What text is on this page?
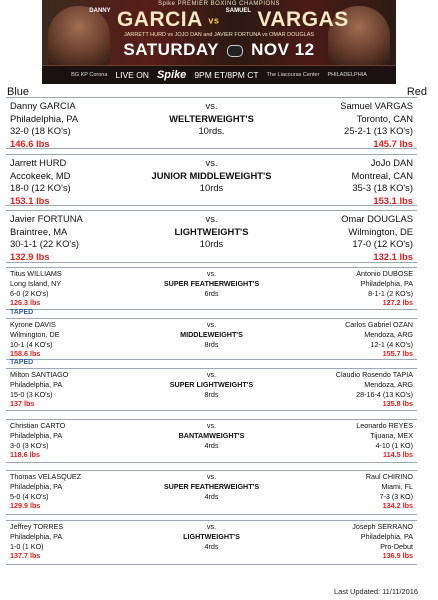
Spike PREMIER BOXING CHAMPIONS
$^{DANNY}$ GARCIA vs $^{SAMUEL}$ VARGAS
JARRETT HURD vs JOJO DAN and JAVIER FORTUNA vs OMAR DOUGLAS
SATURDAY NOV 12
BG KP Corona LIVE ON Spike 9PM ET/8PM CT The Liacouras Center PHILADELPHIA
Blue	Red
Danny GARCIA
Philadelphia, PA
32-0 (18 KO's)
146.6 lbs
vs.
WELTERWEIGHT'S
10rds.
Samuel VARGAS
Toronto, CAN
25-2-1 (13 KO's)
145.7 lbs
Jarrett HURD
Accokeek, MD
18-0 (12 KO's)
153.1 lbs
vs.
JUNIOR MIDDLEWEIGHT'S
10rds
JoJo DAN
Montreal, CAN
35-3 (18 KO's)
153.1 lbs
Javier FORTUNA
Braintree, MA
30-1-1 (22 KO's)
132.9 lbs
vs.
LIGHTWEIGHT'S
10rds
Omar DOUGLAS
Wilmington, DE
17-0 (12 KO's)
132.1 lbs
Titus WILLIAMS
Long Island, NY
6-0 (2 KO's)
126.3 lbs
vs.
SUPER FEATHERWEIGHT'S
6rds
Antonio DUBOSE
Philadelphia, PA
8-1-1 (2 KO's)
127.2 lbs
TAPED
Kyrone DAVIS
Wilmington, DE
10-1 (4 KO's)
158.6 lbs
vs.
MIDDLEWEIGHT'S
8rds
Carlos Gabriel OZAN
Mendoza, ARG
12-1 (4 KO's)
155.7 lbs
TAPED
Milton SANTIAGO
Philadelphia, PA
15-0 (3 KO's)
137 lbs
vs.
SUPER LIGHTWEIGHT'S
8rds
Claudio Rosendo TAPIA
Mendoza, ARG
28-16-4 (13 KO's)
135.8 lbs
Christian CARTO
Philadelphia, PA
3-0 (3 KO's)
118.6 lbs
vs.
BANTAMWEIGHT'S
4rds
Leonardo REYES
Tijuana, MEX
4-10 (1 KO)
114.5 lbs
Thomas VELASQUEZ
Philadelphia, PA
5-0 (4 KO's)
129.9 lbs
vs.
SUPER FEATHERWEIGHT'S
4rds
Raul CHIRINO
Miami, FL
7-3 (3 KO)
134.2 lbs
Jeffrey TORRES
Philadelphia, PA
1-0 (1 KO)
137.7 lbs
vs.
LIGHTWEIGHT'S
4rds
Joseph SERRANO
Philadelphia, PA
Pro-Debut
136.9 lbs
Last Updated: 11/11/2016
